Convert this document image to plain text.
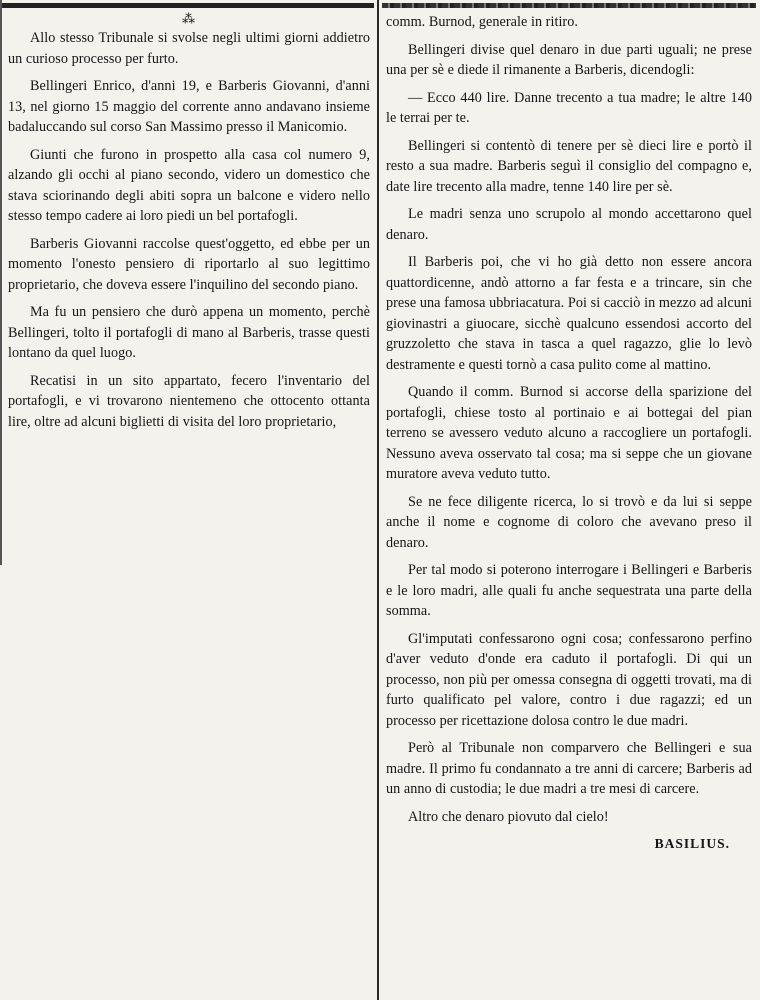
⁂

Allo stesso Tribunale si svolse negli ultimi giorni addietro un curioso processo per furto.

Bellingeri Enrico, d'anni 19, e Barberis Giovanni, d'anni 13, nel giorno 15 maggio del corrente anno andavano insieme badaluccando sul corso San Massimo presso il Manicomio.

Giunti che furono in prospetto alla casa col numero 9, alzando gli occhi al piano secondo, videro un domestico che stava sciorinando degli abiti sopra un balcone e videro nello stesso tempo cadere ai loro piedi un bel portafogli.

Barberis Giovanni raccolse quest'oggetto, ed ebbe per un momento l'onesto pensiero di riportarlo al suo legittimo proprietario, che doveva essere l'inquilino del secondo piano.

Ma fu un pensiero che durò appena un momento, perchè Bellingeri, tolto il portafogli di mano al Barberis, trasse questi lontano da quel luogo.

Recatisi in un sito appartato, fecero l'inventario del portafogli, e vi trovarono nientemeno che ottocento ottanta lire, oltre ad alcuni biglietti di visita del loro proprietario,

comm. Burnod, generale in ritiro.

Bellingeri divise quel denaro in due parti uguali; ne prese una per sè e diede il rimanente a Barberis, dicendogli:

— Ecco 440 lire. Danne trecento a tua madre; le altre 140 le terrai per te.

Bellingeri si contentò di tenere per sè dieci lire e portò il resto a sua madre. Barberis seguì il consiglio del compagno e, date lire trecento alla madre, tenne 140 lire per sè.

Le madri senza uno scrupolo al mondo accettarono quel denaro.

Il Barberis poi, che vi ho già detto non essere ancora quattordicenne, andò attorno a far festa e a trincare, sin che prese una famosa ubbriacatura. Poi si cacciò in mezzo ad alcuni giovinastri a giuocare, sicchè qualcuno essendosi accorto del gruzzoletto che stava in tasca a quel ragazzo, glie lo levò destramente e questi tornò a casa pulito come al mattino.

Quando il comm. Burnod si accorse della sparizione del portafogli, chiese tosto al portinaio e ai bottegai del pian terreno se avessero veduto alcuno a raccogliere un portafogli. Nessuno aveva osservato tal cosa; ma si seppe che un giovane muratore aveva veduto tutto.

Se ne fece diligente ricerca, lo si trovò e da lui si seppe anche il nome e cognome di coloro che avevano preso il denaro.

Per tal modo si poterono interrogare i Bellingeri e Barberis e le loro madri, alle quali fu anche sequestrata una parte della somma.

Gl'imputati confessarono ogni cosa; confessarono perfino d'aver veduto d'onde era caduto il portafogli. Di qui un processo, non più per omessa consegna di oggetti trovati, ma di furto qualificato pel valore, contro i due ragazzi; ed un processo per ricettazione dolosa contro le due madri.

Però al Tribunale non comparvero che Bellingeri e sua madre. Il primo fu condannato a tre anni di carcere; Barberis ad un anno di custodia; le due madri a tre mesi di carcere.

Altro che denaro piovuto dal cielo!

BASILIUS.
